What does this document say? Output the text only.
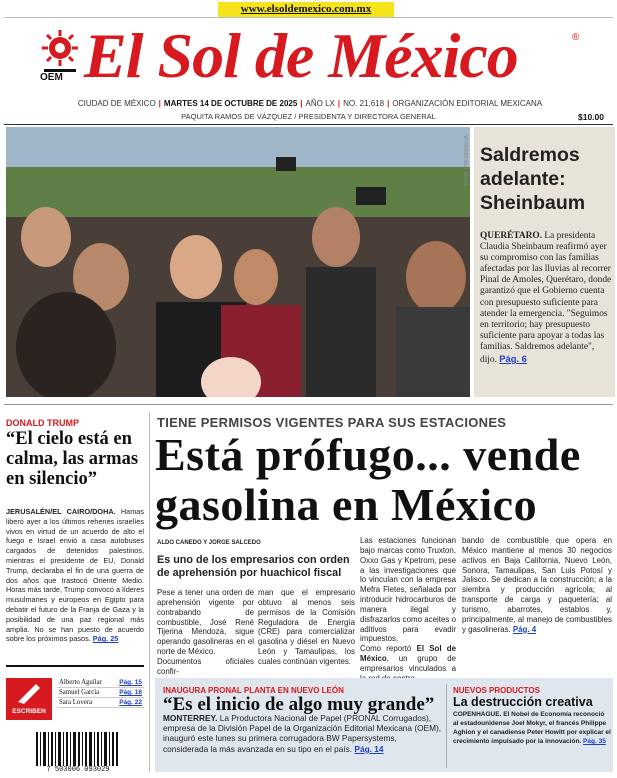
www.elsoldemexico.com.mx
OEM El Sol de México	®
CIUDAD DE MÉXICO | MARTES 14 DE OCTUBRE DE 2025 | AÑO LX | NO. 21,618 | ORGANIZACIÓN EDITORIAL MEXICANA
PAQUITA RAMOS DE VÁZQUEZ / PRESIDENTA Y DIRECTORA GENERAL	$10.00
FOTO: PRESIDENCIA Saldremos adelante: Sheinbaum

QUERÉTARO. La presidenta Claudia Sheinbaum reafirmó ayer su compromiso con las familias afectadas por las lluvias al recorrer Pinal de Amoles, Querétaro, donde garantizó que el Gobierno cuenta con presupuesto suficiente para atender la emergencia. "Seguimos en territorio; hay presupuesto suficiente para apoyar a todas las familias. Saldremos adelante", dijo. Pág. 6

DONALD TRUMP
“El cielo está en calma, las armas en silencio”
JERUSALÉN/EL CAIRO/DOHA. Hamas liberó ayer a los últimos rehenes israelíes vivos en virtud de un acuerdo de alto el fuego e Israel envió a casa autobuses cargados de detenidos palestinos, mientras el presidente de EU, Donald Trump, declaraba el fin de una guerra de dos años que trastocó Oriente Medio. Horas más tarde, Trump convocó a líderes musulmanes y europeos en Egipto para debatir el futuro de la Franja de Gaza y la posibilidad de una paz regional más amplia. No se han puesto de acuerdo sobre los próximos pasos. Pág. 25
ESCRIBEN
Alberto Aguilar	Pág. 15
Samuel García	Pág. 16
Sara Lovera	Pág. 22
7 503006 093029
TIENE PERMISOS VIGENTES PARA SUS ESTACIONES
Está prófugo... vende gasolina en México
ALDO CANEDO Y JORGE SALCEDO
Es uno de los empresarios con orden de aprehensión por huachicol fiscal
Pese a tener una orden de aprehensión vigente por contrabando de combustible, José René Tijerina Mendoza, sigue operando gasolineras en el norte de México.
Documentos oficiales confir-
man que el empresario obtuvo al menos seis permisos de la Comisión Reguladora de Energía (CRE) para comercializar gasolina y diésel en Nuevo León y Tamaulipas, los cuales continúan vigentes.
Las estaciones funcionan bajo marcas como Truxton, Oxxo Gas y Kpetrom, pese a las investigaciones que lo vinculan con la empresa Mefra Fletes, señalada por introducir hidrocarburos de manera ilegal y disfrazarlos como aceites o aditivos para evadir impuestos.
Como reportó El Sol de México, un grupo de empresarios vinculados a
bando de combustible que opera en México mantiene al menos 30 negocios activos en Baja California, Nuevo León, Sonora, Tamaulipas, San Luis Potosí y Jalisco. Se dedican a la construcción; a la siembra y producción agrícola; al transporte de carga y paquetería; al turismo, abarrotes, establos y, principalmente, al manejo de combustibles y gasolineras. Pág. 4
INAUGURA PRONAL PLANTA EN NUEVO LEÓN
“Es el inicio de algo muy grande”
MONTERREY. La Productora Nacional de Papel (PRONAL Corrugados), empresa de la División Papel de la Organización Editorial Mexicana (OEM), inauguró este lunes su primera corrugadora BW Papersystems, considerada la más avanzada en su tipo en el país. Pág. 14
NUEVOS PRODUCTOS
La destrucción creativa
COPENHAGUE. El Nobel de Economía reconoció al estadounidense Joel Mokyr, el francés Philippe Aghion y el canadiense Peter Howitt por explicar el crecimiento impulsado por la innovación. Pág. 35
